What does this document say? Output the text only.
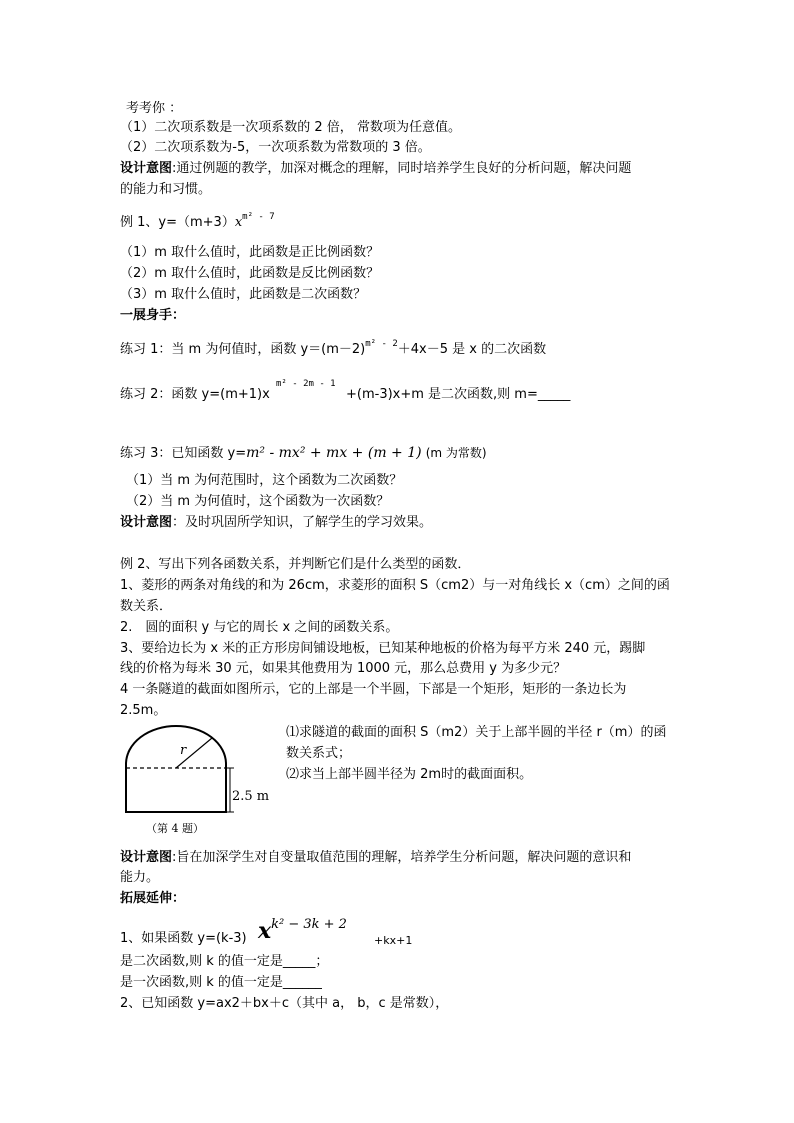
考考你 ：
（1）二次项系数是一次项系数的 2 倍， 常数项为任意值。
（2）二次项系数为-5，一次项系数为常数项的 3 倍。
设计意图:通过例题的教学，加深对概念的理解，同时培养学生良好的分析问题，解决问题
的能力和习惯。
例 1、$y=(m+3)x^{m^2 - 7}$
（1）m 取什么值时，此函数是正比例函数？
（2）m 取什么值时，此函数是反比例函数？
（3）m 取什么值时，此函数是二次函数？
一展身手：
练习 1：当 m 为何值时，函数 $y=(m-2)^{m^2 - 2}+4x-5$ 是 x 的二次函数
练习 2：函数 y=(m+1)x
m² - 2m - 1
+(m-3)x+m 是二次函数,则 m=_____
练习 3：已知函数 y=m² - mx² + mx + (m + 1) (m 为常数)
（1）当 m 为何范围时，这个函数为二次函数？
（2）当 m 为何值时，这个函数为一次函数？
设计意图：及时巩固所学知识，了解学生的学习效果。
例 2、写出下列各函数关系，并判断它们是什么类型的函数．
1、菱形的两条对角线的和为 26cm，求菱形的面积 S（cm2）与一对角线长 x（cm）之间的函
数关系．
2.　圆的面积 y 与它的周长 x 之间的函数关系。
3、要给边长为 x 米的正方形房间铺设地板，已知某种地板的价格为每平方米 240 元，踢脚
线的价格为每米 30 元，如果其他费用为 1000 元，那么总费用 y 为多少元？
4 一条隧道的截面如图所示，它的上部是一个半圆，下部是一个矩形，矩形的一条边长为
2.5m。
r
2.5 m
（第 4 题）
⑴求隧道的截面的面积 S（m2）关于上部半圆的半径 r（m）的函
数关系式；
⑵求当上部半圆半径为 2m时的截面面积。
设计意图:旨在加深学生对自变量取值范围的理解，培养学生分析问题，解决问题的意识和
能力。
拓展延伸：
1、如果函数 y=(k-3) $x^{k^2 - 3k + 2}$
+kx+1
是二次函数,则 k 的值一定是_____；
是一次函数,则 k 的值一定是______
2、已知函数 y=ax2＋bx＋c（其中 a， b，c 是常数），
